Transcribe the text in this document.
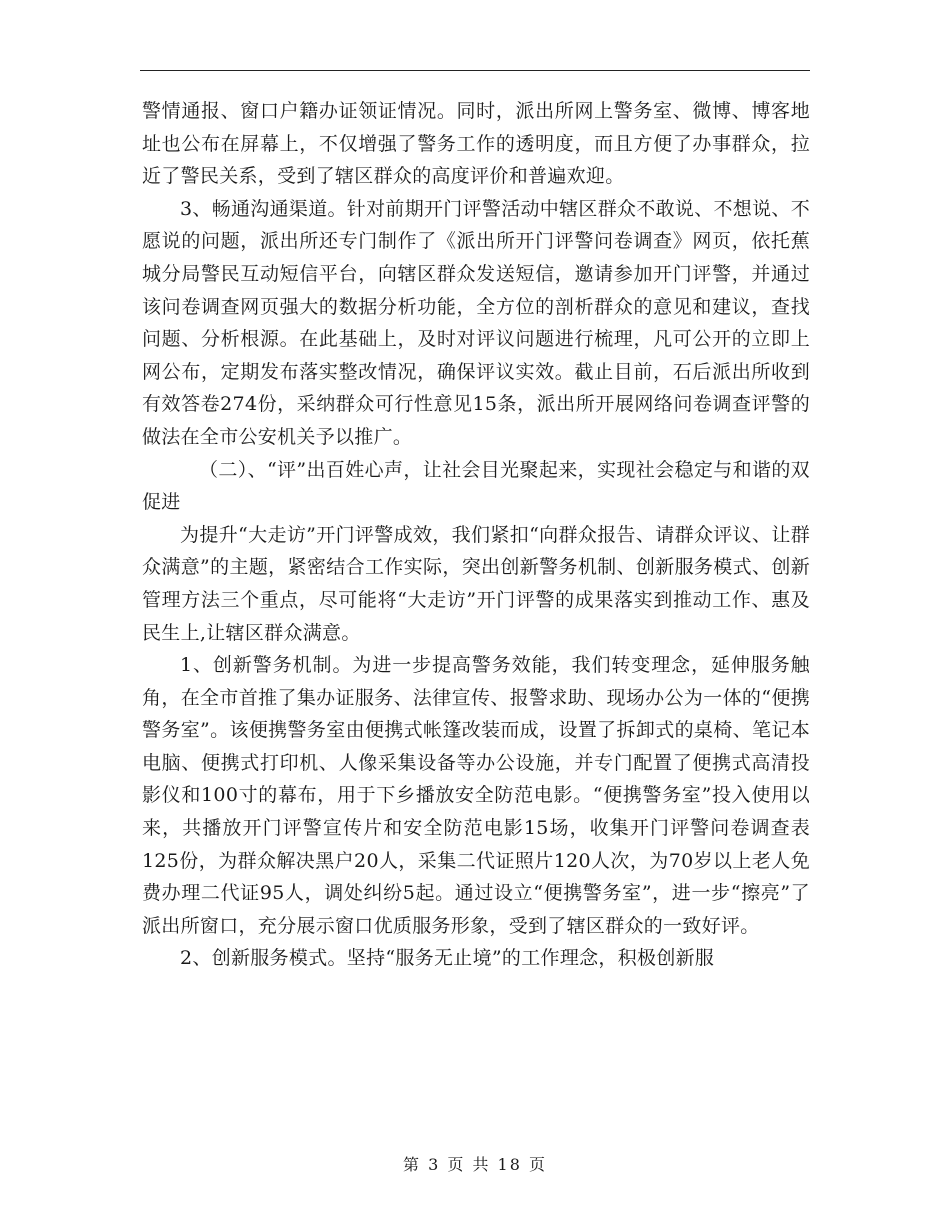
警情通报、窗口户籍办证领证情况。同时，派出所网上警务室、微博、博客地址也公布在屏幕上，不仅增强了警务工作的透明度，而且方便了办事群众，拉近了警民关系，受到了辖区群众的高度评价和普遍欢迎。

3、畅通沟通渠道。针对前期开门评警活动中辖区群众不敢说、不想说、不愿说的问题，派出所还专门制作了《派出所开门评警问卷调查》网页，依托蕉城分局警民互动短信平台，向辖区群众发送短信，邀请参加开门评警，并通过该问卷调查网页强大的数据分析功能，全方位的剖析群众的意见和建议，查找问题、分析根源。在此基础上，及时对评议问题进行梳理，凡可公开的立即上网公布，定期发布落实整改情况，确保评议实效。截止目前，石后派出所收到有效答卷274份，采纳群众可行性意见15条，派出所开展网络问卷调查评警的做法在全市公安机关予以推广。

（二）、“评”出百姓心声，让社会目光聚起来，实现社会稳定与和谐的双促进

为提升“大走访”开门评警成效，我们紧扣“向群众报告、请群众评议、让群众满意”的主题，紧密结合工作实际，突出创新警务机制、创新服务模式、创新管理方法三个重点，尽可能将“大走访”开门评警的成果落实到推动工作、惠及民生上,让辖区群众满意。

1、创新警务机制。为进一步提高警务效能，我们转变理念，延伸服务触角，在全市首推了集办证服务、法律宣传、报警求助、现场办公为一体的“便携警务室”。该便携警务室由便携式帐篷改装而成，设置了拆卸式的桌椅、笔记本电脑、便携式打印机、人像采集设备等办公设施，并专门配置了便携式高清投影仪和100寸的幕布，用于下乡播放安全防范电影。“便携警务室”投入使用以来，共播放开门评警宣传片和安全防范电影15场，收集开门评警问卷调查表125份，为群众解决黑户20人，采集二代证照片120人次，为70岁以上老人免费办理二代证95人，调处纠纷5起。通过设立“便携警务室”，进一步“擦亮”了派出所窗口，充分展示窗口优质服务形象，受到了辖区群众的一致好评。

2、创新服务模式。坚持“服务无止境”的工作理念，积极创新服

第 3 页 共 18 页
